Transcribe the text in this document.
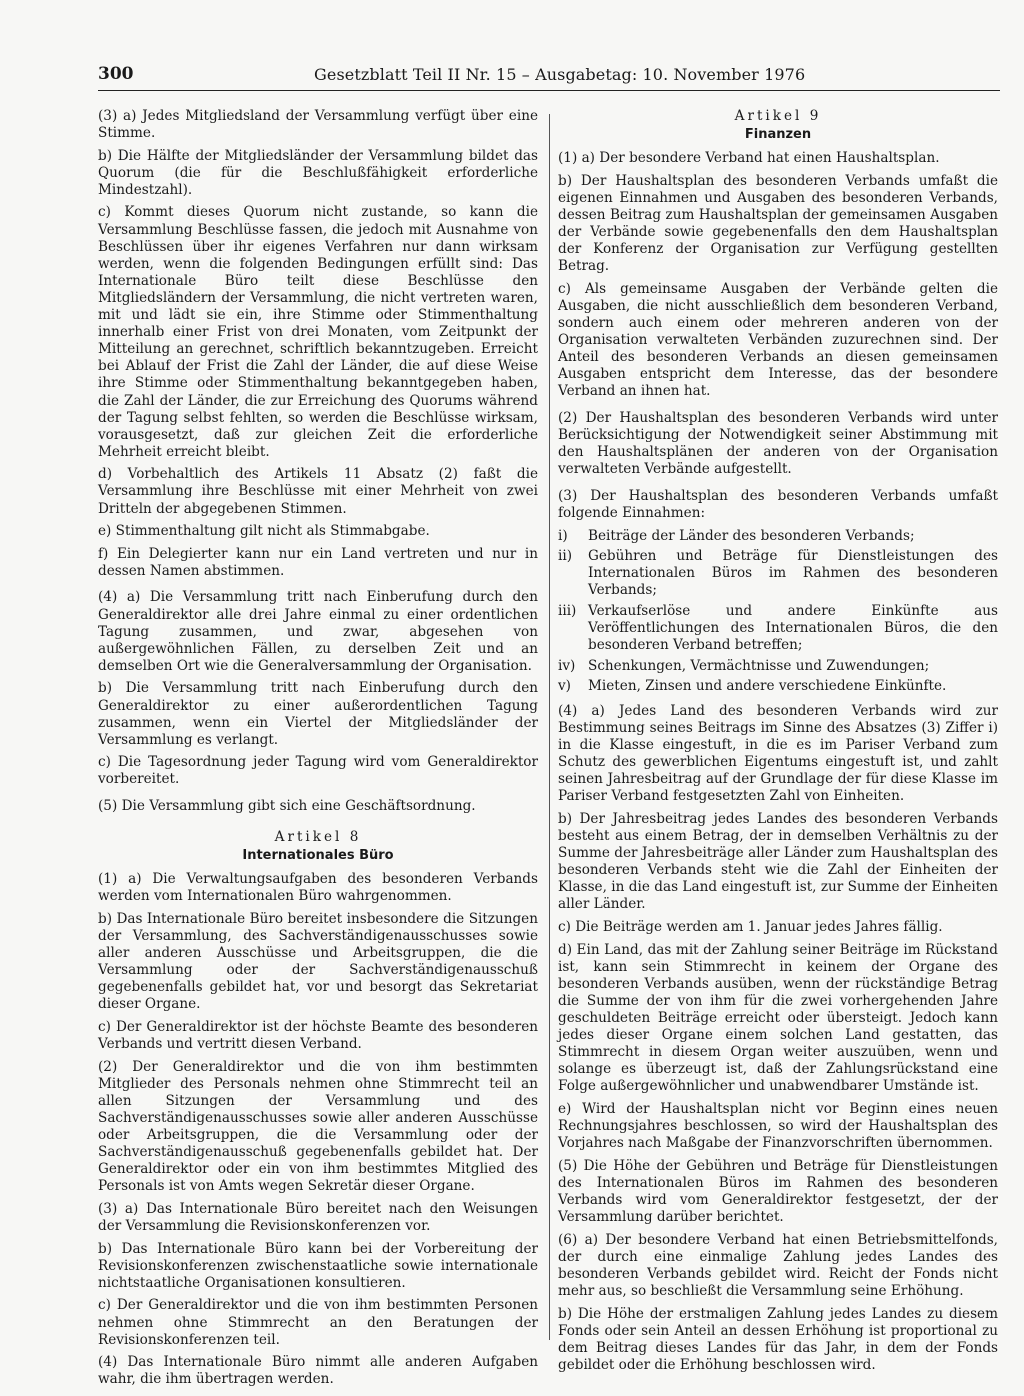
300	Gesetzblatt Teil II Nr. 15 – Ausgabetag: 10. November 1976

(3) a) Jedes Mitgliedsland der Versammlung verfügt über eine Stimme.

b) Die Hälfte der Mitgliedsländer der Versammlung bildet das Quorum (die für die Beschlußfähigkeit erforderliche Mindestzahl).

c) Kommt dieses Quorum nicht zustande, so kann die Versammlung Beschlüsse fassen, die jedoch mit Ausnahme von Beschlüssen über ihr eigenes Verfahren nur dann wirksam werden, wenn die folgenden Bedingungen erfüllt sind: Das Internationale Büro teilt diese Beschlüsse den Mitgliedsländern der Versammlung, die nicht vertreten waren, mit und lädt sie ein, ihre Stimme oder Stimmenthaltung innerhalb einer Frist von drei Monaten, vom Zeitpunkt der Mitteilung an gerechnet, schriftlich bekanntzugeben. Erreicht bei Ablauf der Frist die Zahl der Länder, die auf diese Weise ihre Stimme oder Stimmenthaltung bekanntgegeben haben, die Zahl der Länder, die zur Erreichung des Quorums während der Tagung selbst fehlten, so werden die Beschlüsse wirksam, vorausgesetzt, daß zur gleichen Zeit die erforderliche Mehrheit erreicht bleibt.

d) Vorbehaltlich des Artikels 11 Absatz (2) faßt die Versammlung ihre Beschlüsse mit einer Mehrheit von zwei Dritteln der abgegebenen Stimmen.

e) Stimmenthaltung gilt nicht als Stimmabgabe.

f) Ein Delegierter kann nur ein Land vertreten und nur in dessen Namen abstimmen.

(4) a) Die Versammlung tritt nach Einberufung durch den Generaldirektor alle drei Jahre einmal zu einer ordentlichen Tagung zusammen, und zwar, abgesehen von außergewöhnlichen Fällen, zu derselben Zeit und an demselben Ort wie die Generalversammlung der Organisation.

b) Die Versammlung tritt nach Einberufung durch den Generaldirektor zu einer außerordentlichen Tagung zusammen, wenn ein Viertel der Mitgliedsländer der Versammlung es verlangt.

c) Die Tagesordnung jeder Tagung wird vom Generaldirektor vorbereitet.

(5) Die Versammlung gibt sich eine Geschäftsordnung.

Artikel 8

Internationales Büro

(1) a) Die Verwaltungsaufgaben des besonderen Verbands werden vom Internationalen Büro wahrgenommen.

b) Das Internationale Büro bereitet insbesondere die Sitzungen der Versammlung, des Sachverständigenausschusses sowie aller anderen Ausschüsse und Arbeitsgruppen, die die Versammlung oder der Sachverständigenausschuß gegebenenfalls gebildet hat, vor und besorgt das Sekretariat dieser Organe.

c) Der Generaldirektor ist der höchste Beamte des besonderen Verbands und vertritt diesen Verband.

(2) Der Generaldirektor und die von ihm bestimmten Mitglieder des Personals nehmen ohne Stimmrecht teil an allen Sitzungen der Versammlung und des Sachverständigenausschusses sowie aller anderen Ausschüsse oder Arbeitsgruppen, die die Versammlung oder der Sachverständigenausschuß gegebenenfalls gebildet hat. Der Generaldirektor oder ein von ihm bestimmtes Mitglied des Personals ist von Amts wegen Sekretär dieser Organe.

(3) a) Das Internationale Büro bereitet nach den Weisungen der Versammlung die Revisionskonferenzen vor.

b) Das Internationale Büro kann bei der Vorbereitung der Revisionskonferenzen zwischenstaatliche sowie internationale nichtstaatliche Organisationen konsultieren.

c) Der Generaldirektor und die von ihm bestimmten Personen nehmen ohne Stimmrecht an den Beratungen der Revisionskonferenzen teil.

(4) Das Internationale Büro nimmt alle anderen Aufgaben wahr, die ihm übertragen werden.

Artikel 9

Finanzen

(1) a) Der besondere Verband hat einen Haushaltsplan.

b) Der Haushaltsplan des besonderen Verbands umfaßt die eigenen Einnahmen und Ausgaben des besonderen Verbands, dessen Beitrag zum Haushaltsplan der gemeinsamen Ausgaben der Verbände sowie gegebenenfalls den dem Haushaltsplan der Konferenz der Organisation zur Verfügung gestellten Betrag.

c) Als gemeinsame Ausgaben der Verbände gelten die Ausgaben, die nicht ausschließlich dem besonderen Verband, sondern auch einem oder mehreren anderen von der Organisation verwalteten Verbänden zuzurechnen sind. Der Anteil des besonderen Verbands an diesen gemeinsamen Ausgaben entspricht dem Interesse, das der besondere Verband an ihnen hat.

(2) Der Haushaltsplan des besonderen Verbands wird unter Berücksichtigung der Notwendigkeit seiner Abstimmung mit den Haushaltsplänen der anderen von der Organisation verwalteten Verbände aufgestellt.

(3) Der Haushaltsplan des besonderen Verbands umfaßt folgende Einnahmen:

i)	Beiträge der Länder des besonderen Verbands;
ii)	Gebühren und Beträge für Dienstleistungen des Internationalen Büros im Rahmen des besonderen Verbands;
iii) Verkaufserlöse und andere Einkünfte aus Veröffentlichungen des Internationalen Büros, die den besonderen Verband betreffen;
iv) Schenkungen, Vermächtnisse und Zuwendungen;
v)	Mieten, Zinsen und andere verschiedene Einkünfte.

(4) a) Jedes Land des besonderen Verbands wird zur Bestimmung seines Beitrags im Sinne des Absatzes (3) Ziffer i) in die Klasse eingestuft, in die es im Pariser Verband zum Schutz des gewerblichen Eigentums eingestuft ist, und zahlt seinen Jahresbeitrag auf der Grundlage der für diese Klasse im Pariser Verband festgesetzten Zahl von Einheiten.

b) Der Jahresbeitrag jedes Landes des besonderen Verbands besteht aus einem Betrag, der in demselben Verhältnis zu der Summe der Jahresbeiträge aller Länder zum Haushaltsplan des besonderen Verbands steht wie die Zahl der Einheiten der Klasse, in die das Land eingestuft ist, zur Summe der Einheiten aller Länder.

c) Die Beiträge werden am 1. Januar jedes Jahres fällig.

d) Ein Land, das mit der Zahlung seiner Beiträge im Rückstand ist, kann sein Stimmrecht in keinem der Organe des besonderen Verbands ausüben, wenn der rückständige Betrag die Summe der von ihm für die zwei vorhergehenden Jahre geschuldeten Beiträge erreicht oder übersteigt. Jedoch kann jedes dieser Organe einem solchen Land gestatten, das Stimmrecht in diesem Organ weiter auszuüben, wenn und solange es überzeugt ist, daß der Zahlungsrückstand eine Folge außergewöhnlicher und unabwendbarer Umstände ist.

e) Wird der Haushaltsplan nicht vor Beginn eines neuen Rechnungsjahres beschlossen, so wird der Haushaltsplan des Vorjahres nach Maßgabe der Finanzvorschriften übernommen.

(5) Die Höhe der Gebühren und Beträge für Dienstleistungen des Internationalen Büros im Rahmen des besonderen Verbands wird vom Generaldirektor festgesetzt, der der Versammlung darüber berichtet.

(6) a) Der besondere Verband hat einen Betriebsmittelfonds, der durch eine einmalige Zahlung jedes Landes des besonderen Verbands gebildet wird. Reicht der Fonds nicht mehr aus, so beschließt die Versammlung seine Erhöhung.

b) Die Höhe der erstmaligen Zahlung jedes Landes zu diesem Fonds oder sein Anteil an dessen Erhöhung ist proportional zu dem Beitrag dieses Landes für das Jahr, in dem der Fonds gebildet oder die Erhöhung beschlossen wird.
